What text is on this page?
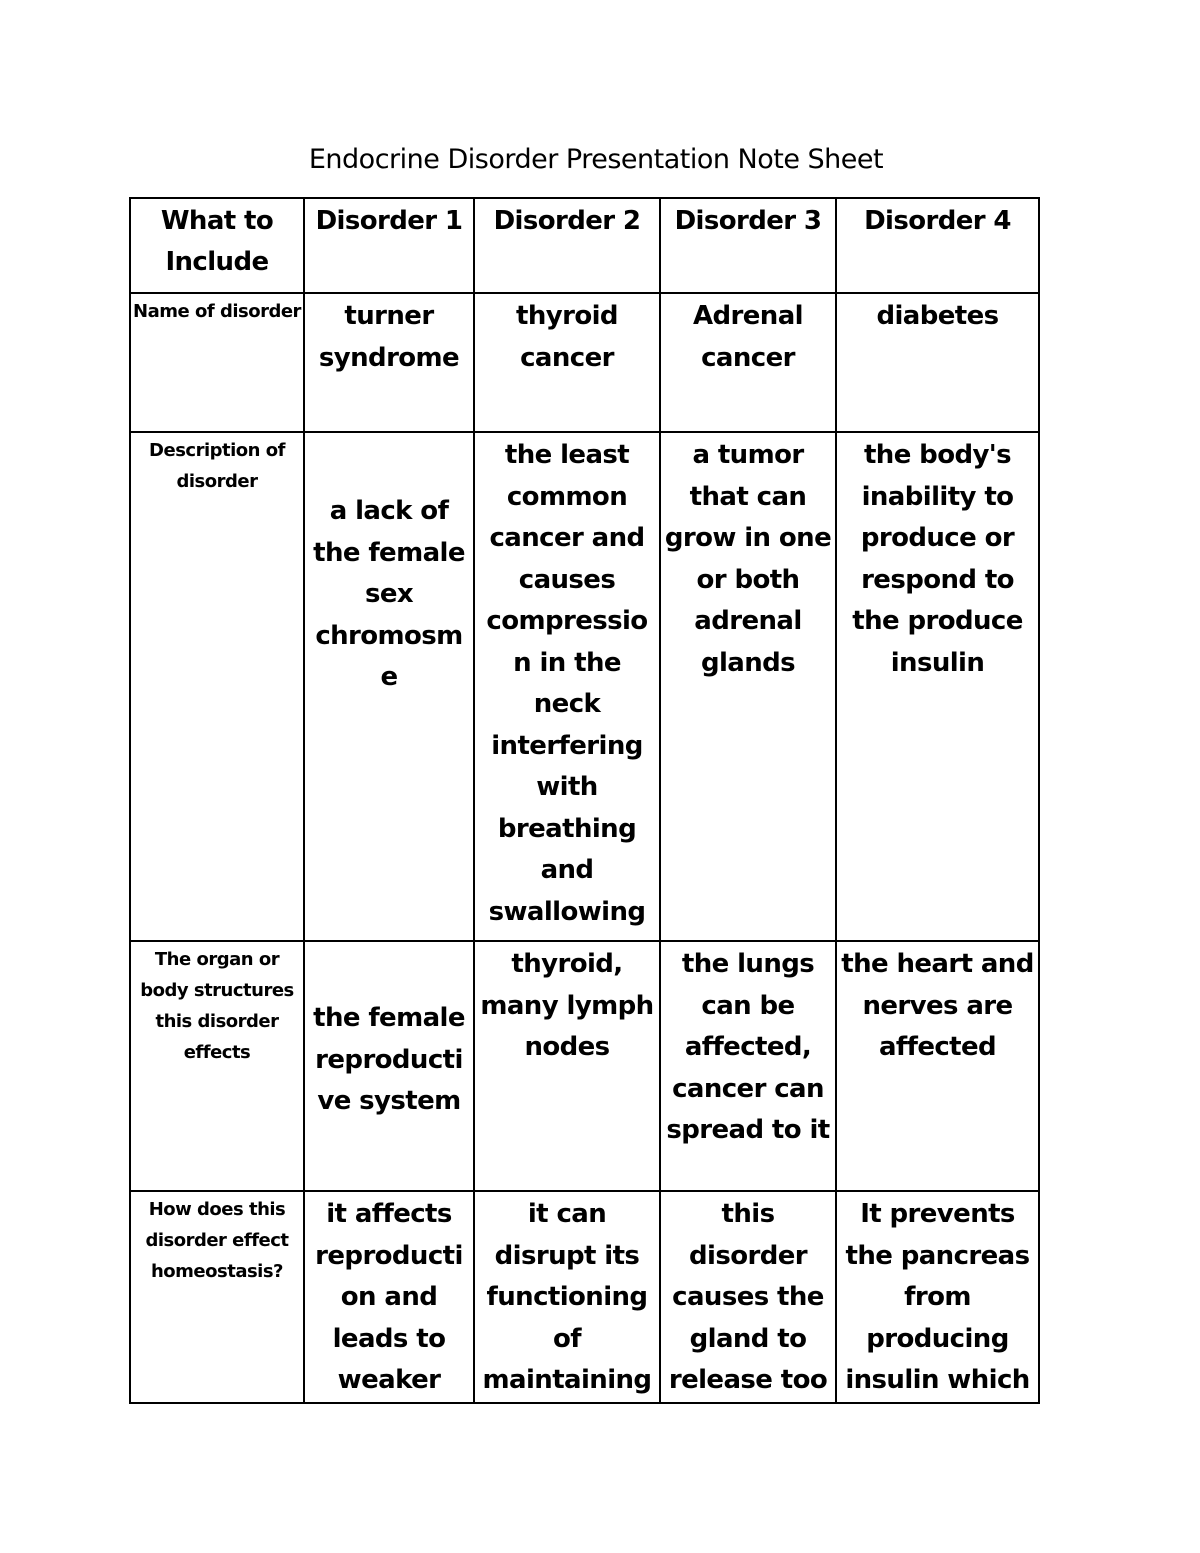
Endocrine Disorder Presentation Note Sheet
What to Include	Disorder 1	Disorder 2	Disorder 3	Disorder 4
Name of disorder	turner syndrome	thyroid cancer	Adrenal cancer	diabetes
Description of disorder	a lack of the female sex chromosm e	the least common cancer and causes compressio n in the neck interfering with breathing and swallowing	a tumor that can grow in one or both adrenal glands	the body's inability to produce or respond to the produce insulin
The organ or body structures this disorder effects	the female reproducti ve system	thyroid, many lymph nodes	the lungs can be affected, cancer can spread to it	the heart and nerves are affected
How does this disorder effect homeostasis?	it affects reproducti on and leads to weaker	it can disrupt its functioning of maintaining	this disorder causes the gland to release too	It prevents the pancreas from producing insulin which
